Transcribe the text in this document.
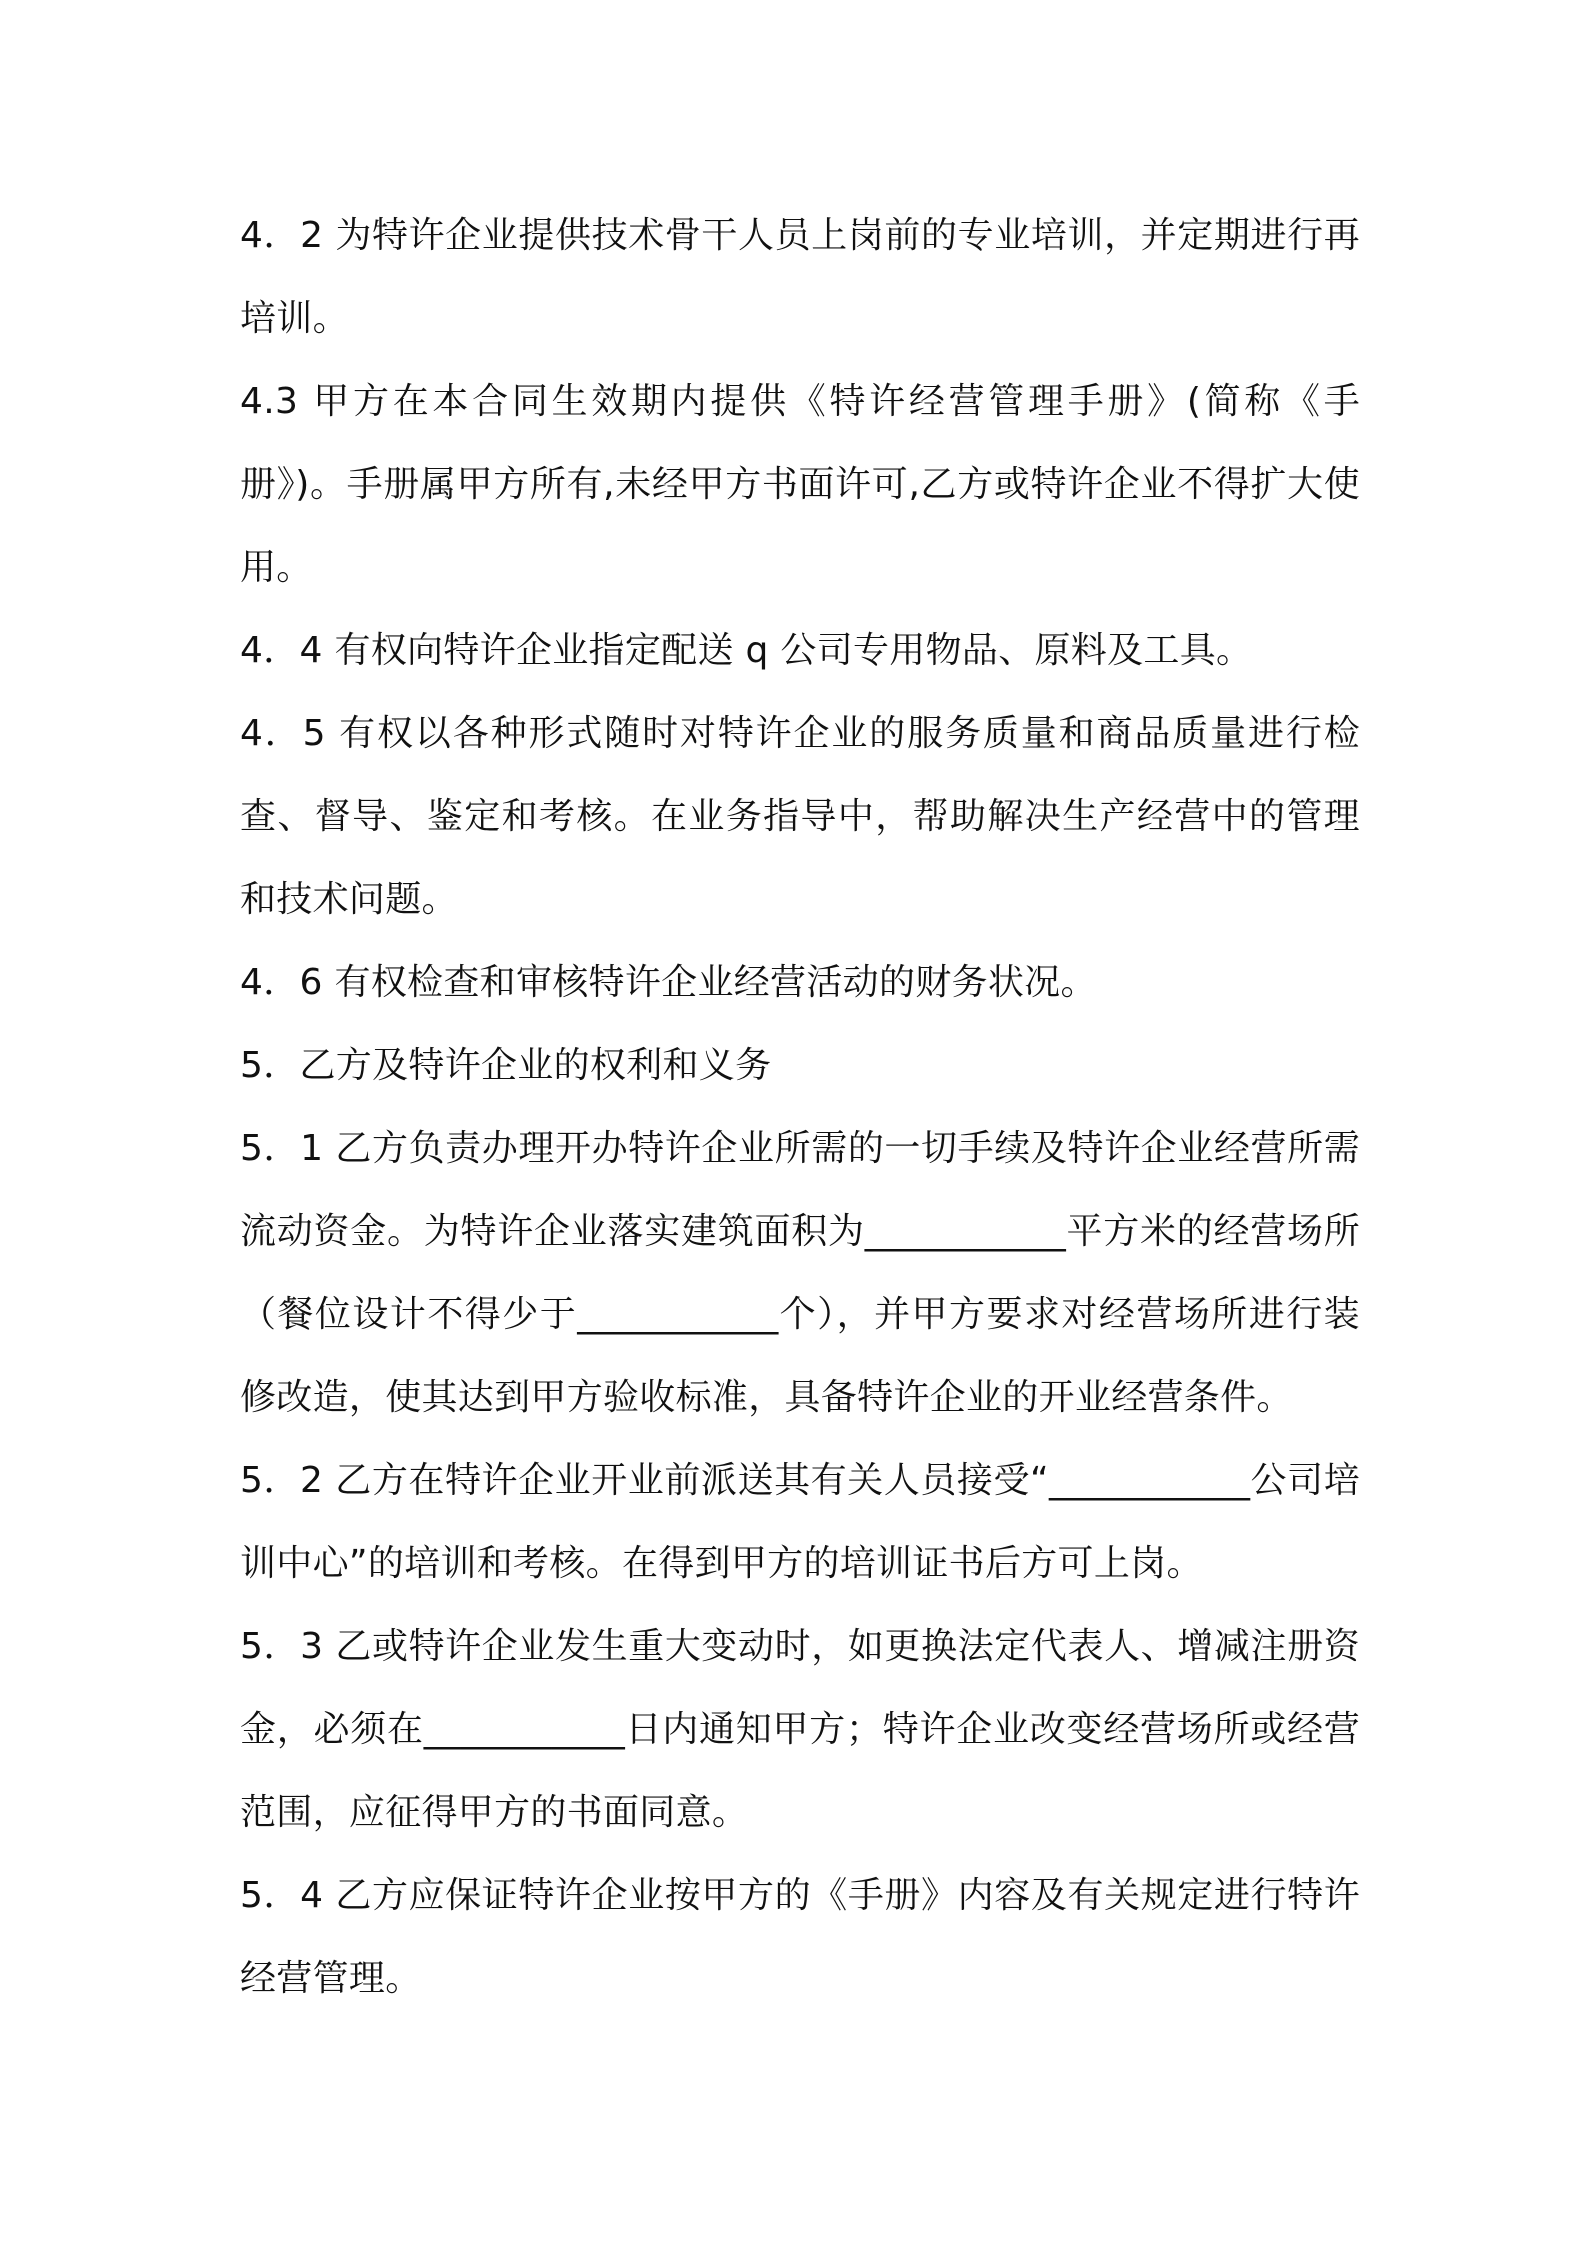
4．2 为特许企业提供技术骨干人员上岗前的专业培训，并定期进行再培训。

4.3 甲方在本合同生效期内提供《特许经营管理手册》(简称《手册》)。手册属甲方所有,未经甲方书面许可,乙方或特许企业不得扩大使用。

4．4 有权向特许企业指定配送 q 公司专用物品、原料及工具。

4．5 有权以各种形式随时对特许企业的服务质量和商品质量进行检查、督导、鉴定和考核。在业务指导中，帮助解决生产经营中的管理和技术问题。

4．6 有权检查和审核特许企业经营活动的财务状况。

5．乙方及特许企业的权利和义务

5．1 乙方负责办理开办特许企业所需的一切手续及特许企业经营所需流动资金。为特许企业落实建筑面积为___________平方米的经营场所（餐位设计不得少于___________个），并甲方要求对经营场所进行装修改造，使其达到甲方验收标准，具备特许企业的开业经营条件。

5．2 乙方在特许企业开业前派送其有关人员接受“___________公司培训中心”的培训和考核。在得到甲方的培训证书后方可上岗。

5．3 乙或特许企业发生重大变动时，如更换法定代表人、增减注册资金，必须在___________日内通知甲方；特许企业改变经营场所或经营范围，应征得甲方的书面同意。

5．4 乙方应保证特许企业按甲方的《手册》内容及有关规定进行特许经营管理。
